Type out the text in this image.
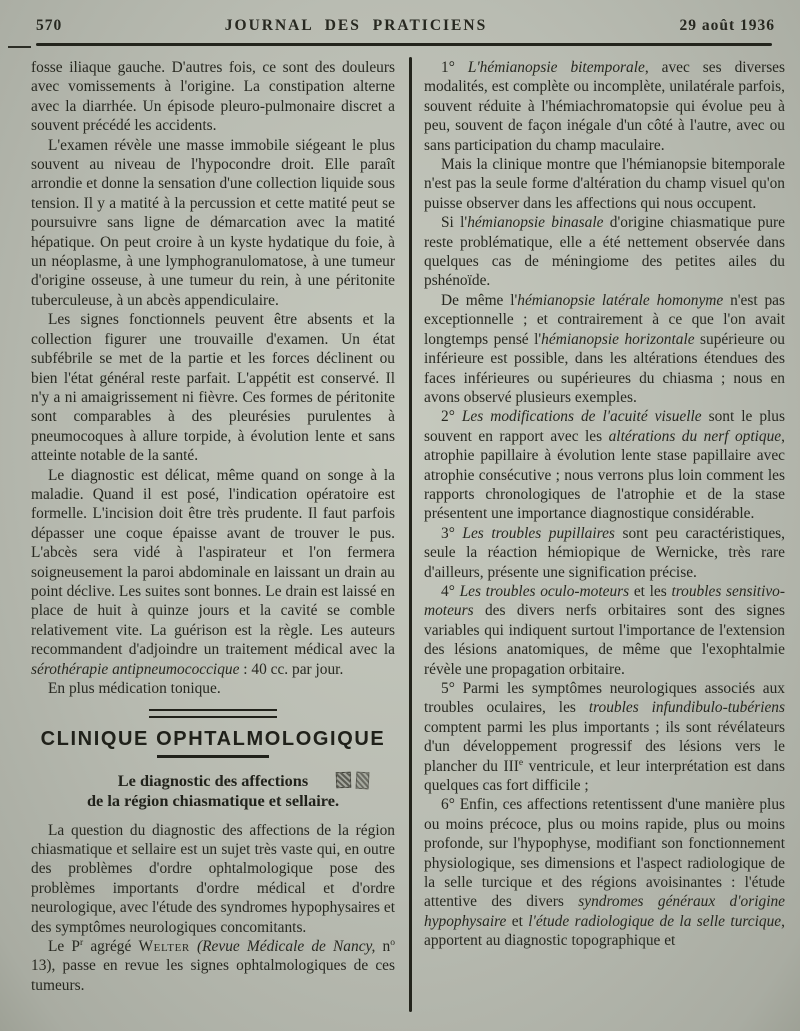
570	JOURNAL DES PRATICIENS	29 août 1936

fosse iliaque gauche. D'autres fois, ce sont des douleurs avec vomissements à l'origine. La constipation alterne avec la diarrhée. Un épisode pleuro-pulmonaire discret a souvent précédé les accidents.

L'examen révèle une masse immobile siégeant le plus souvent au niveau de l'hypocondre droit. Elle paraît arrondie et donne la sensation d'une collection liquide sous tension. Il y a matité à la percussion et cette matité peut se poursuivre sans ligne de démarcation avec la matité hépatique. On peut croire à un kyste hydatique du foie, à un néoplasme, à une lymphogranulomatose, à une tumeur d'origine osseuse, à une tumeur du rein, à une péritonite tuberculeuse, à un abcès appendiculaire.

Les signes fonctionnels peuvent être absents et la collection figurer une trouvaille d'examen. Un état subfébrile se met de la partie et les forces déclinent ou bien l'état général reste parfait. L'appétit est conservé. Il n'y a ni amaigrissement ni fièvre. Ces formes de péritonite sont comparables à des pleurésies purulentes à pneumocoques à allure torpide, à évolution lente et sans atteinte notable de la santé.

Le diagnostic est délicat, même quand on songe à la maladie. Quand il est posé, l'indication opératoire est formelle. L'incision doit être très prudente. Il faut parfois dépasser une coque épaisse avant de trouver le pus. L'abcès sera vidé à l'aspirateur et l'on fermera soigneusement la paroi abdominale en laissant un drain au point déclive. Les suites sont bonnes. Le drain est laissé en place de huit à quinze jours et la cavité se comble relativement vite. La guérison est la règle. Les auteurs recommandent d'adjoindre un traitement médical avec la sérothérapie antipneumococcique : 40 cc. par jour.

En plus médication tonique.

CLINIQUE OPHTALMOLOGIQUE
Le diagnostic des affections

de la région chiasmatique et sellaire.

La question du diagnostic des affections de la région chiasmatique et sellaire est un sujet très vaste qui, en outre des problèmes d'ordre ophtalmologique pose des problèmes importants d'ordre médical et d'ordre neurologique, avec l'étude des syndromes hypophysaires et des symptômes neurologiques concomitants.

Le $P^r$ agrégé Welter (Revue Médicale de Nancy, $n^o$ 13), passe en revue les signes ophtalmologiques de ces tumeurs.

1° L'hémianopsie bitemporale, avec ses diverses modalités, est complète ou incomplète, unilatérale parfois, souvent réduite à l'hémiachromatopsie qui évolue peu à peu, souvent de façon inégale d'un côté à l'autre, avec ou sans participation du champ maculaire.

Mais la clinique montre que l'hémianopsie bitemporale n'est pas la seule forme d'altération du champ visuel qu'on puisse observer dans les affections qui nous occupent.

Si l'hémianopsie binasale d'origine chiasmatique pure reste problématique, elle a été nettement observée dans quelques cas de méningiome des petites ailes du pshénoïde.

De même l'hémianopsie latérale homonyme n'est pas exceptionnelle ; et contrairement à ce que l'on avait longtemps pensé l'hémianopsie horizontale supérieure ou inférieure est possible, dans les altérations étendues des faces inférieures ou supérieures du chiasma ; nous en avons observé plusieurs exemples.

2° Les modifications de l'acuité visuelle sont le plus souvent en rapport avec les altérations du nerf optique, atrophie papillaire à évolution lente stase papillaire avec atrophie consécutive ; nous verrons plus loin comment les rapports chronologiques de l'atrophie et de la stase présentent une importance diagnostique considérable.

3° Les troubles pupillaires sont peu caractéristiques, seule la réaction hémiopique de Wernicke, très rare d'ailleurs, présente une signification précise.

4° Les troubles oculo-moteurs et les troubles sensitivo-moteurs des divers nerfs orbitaires sont des signes variables qui indiquent surtout l'importance de l'extension des lésions anatomiques, de même que l'exophtalmie révèle une propagation orbitaire.

5° Parmi les symptômes neurologiques associés aux troubles oculaires, les troubles infundibulo-tubériens comptent parmi les plus importants ; ils sont révélateurs d'un développement progressif des lésions vers le plancher du IIIe ventricule, et leur interprétation est dans quelques cas fort difficile ;

6° Enfin, ces affections retentissent d'une manière plus ou moins précoce, plus ou moins rapide, plus ou moins profonde, sur l'hypophyse, modifiant son fonctionnement physiologique, ses dimensions et l'aspect radiologique de la selle turcique et des régions avoisinantes : l'étude attentive des divers syndromes généraux d'origine hypophysaire et l'étude radiologique de la selle turcique, apportent au diagnostic topographique et
